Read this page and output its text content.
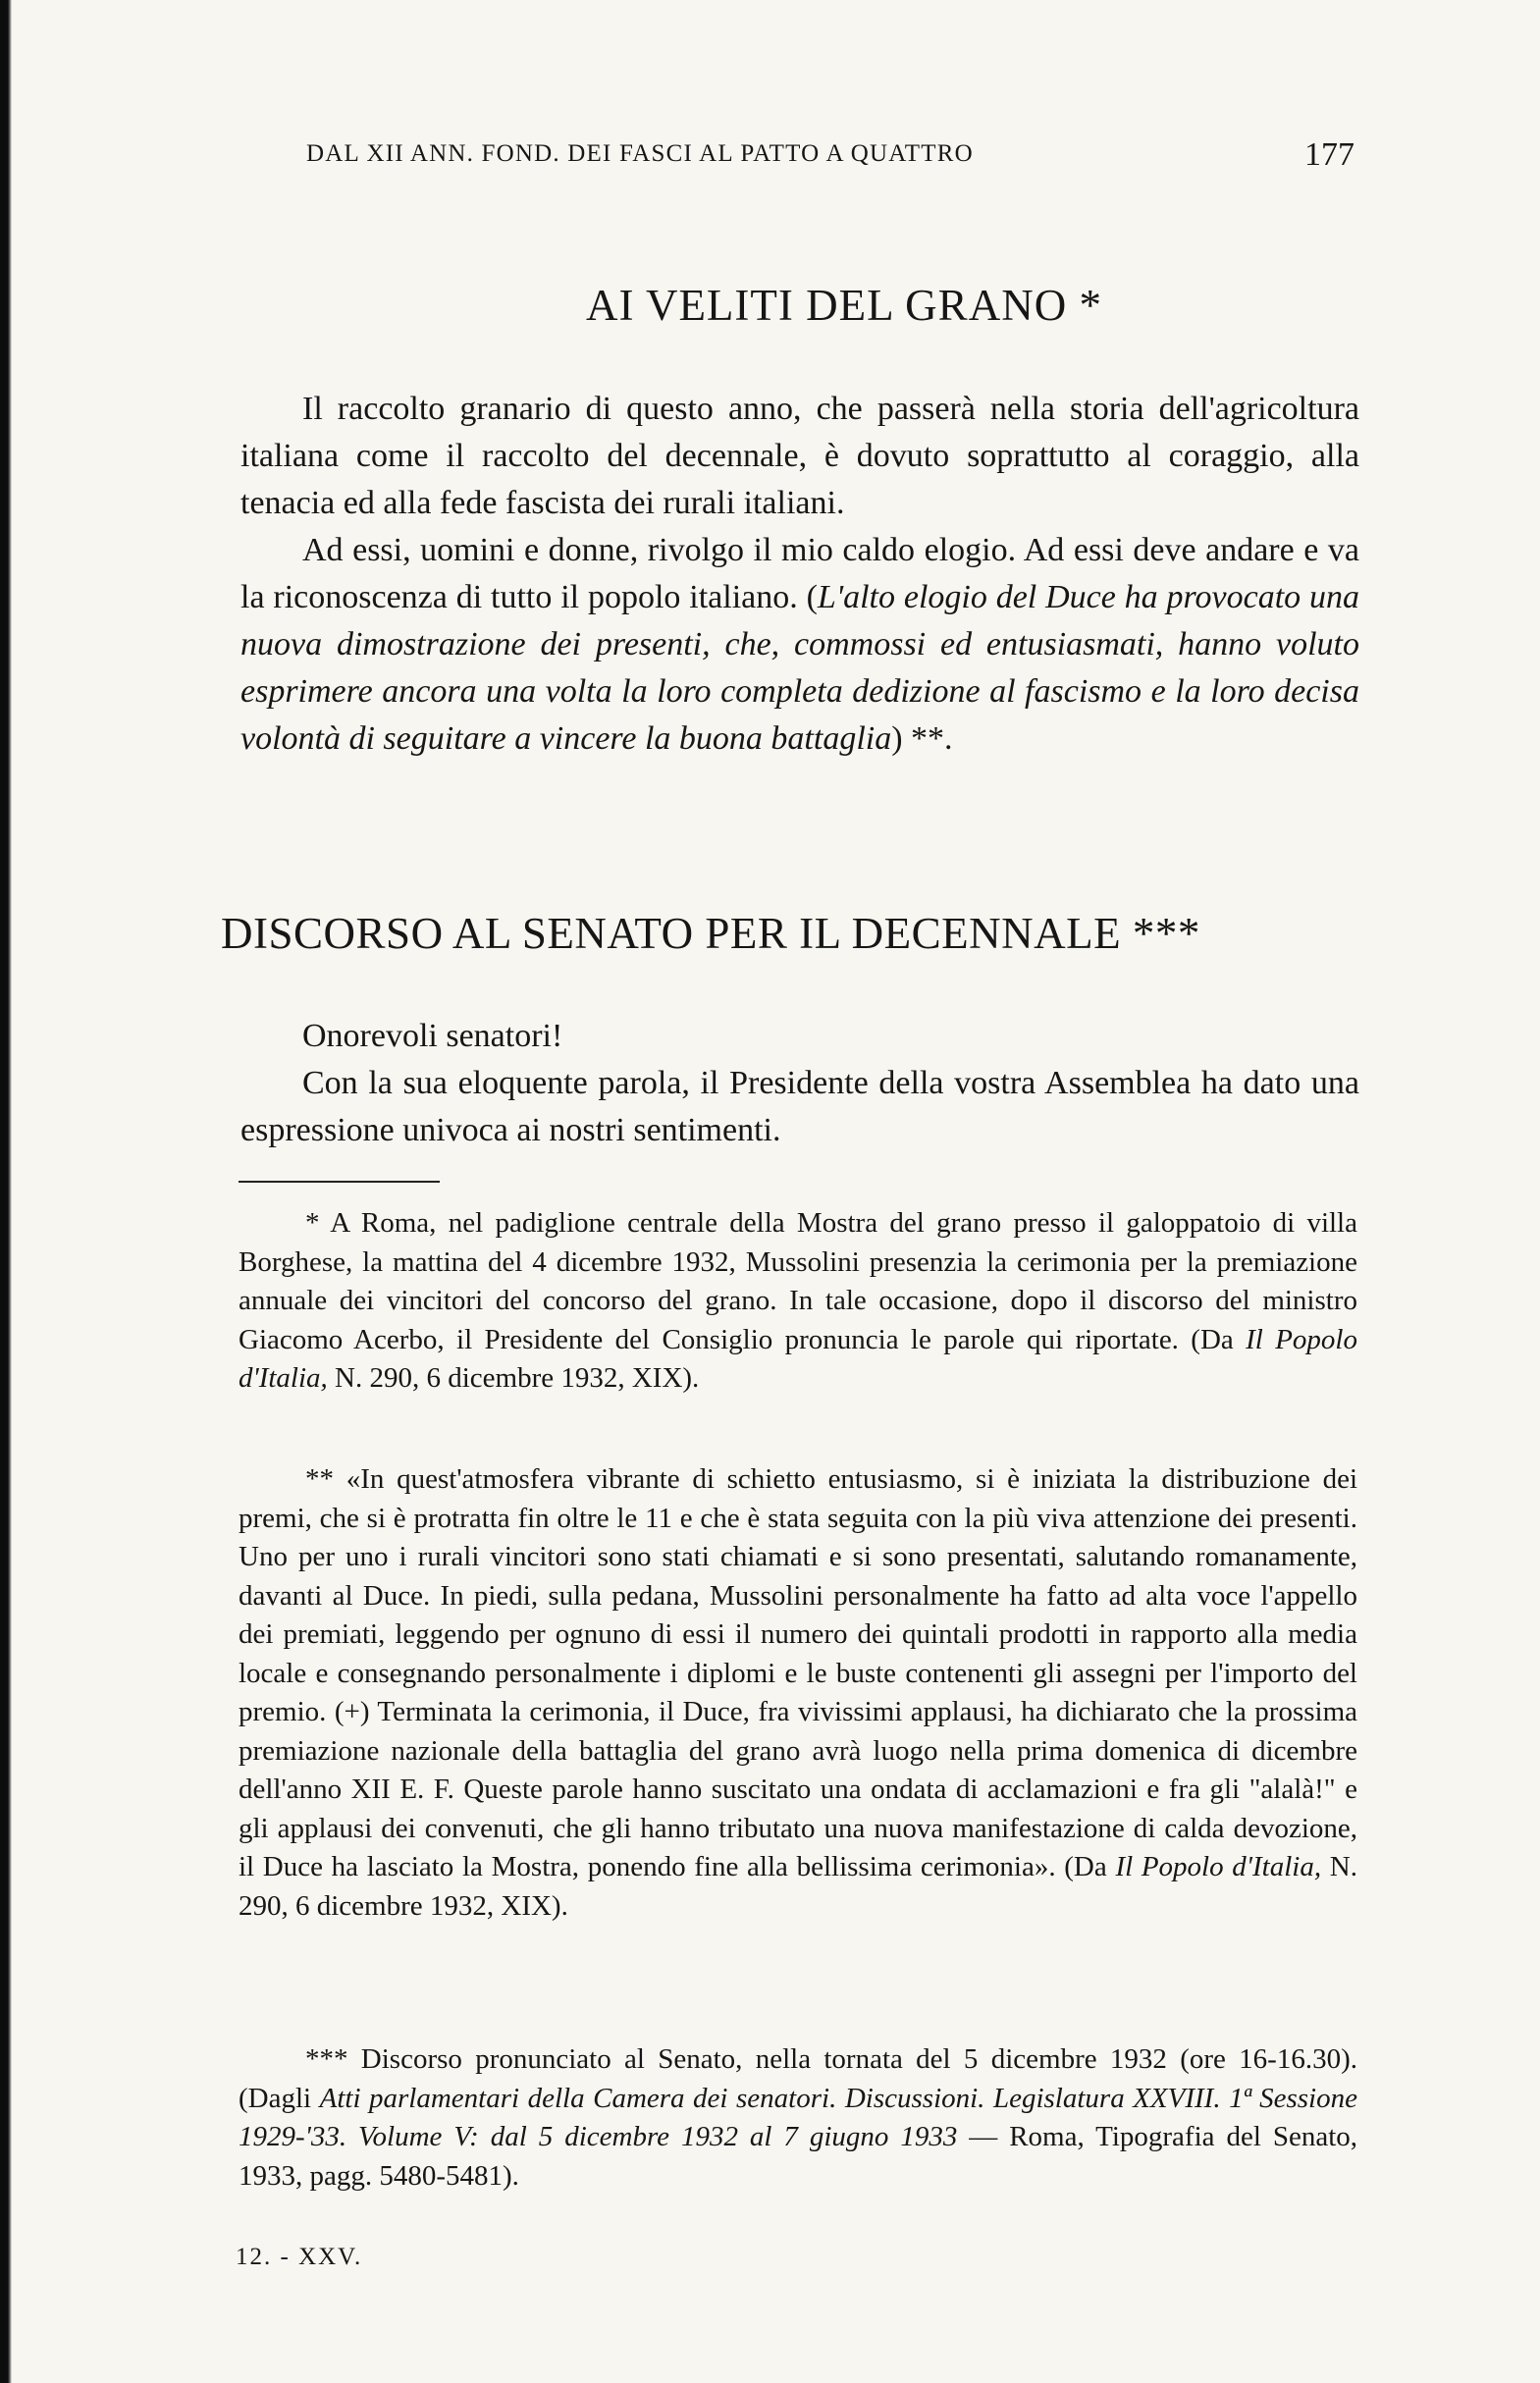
DAL XII ANN. FOND. DEI FASCI AL PATTO A QUATTRO	177
AI VELITI DEL GRANO *

Il raccolto granario di questo anno, che passerà nella storia dell'agricoltura italiana come il raccolto del decennale, è dovuto soprattutto al coraggio, alla tenacia ed alla fede fascista dei rurali italiani.

Ad essi, uomini e donne, rivolgo il mio caldo elogio. Ad essi deve andare e va la riconoscenza di tutto il popolo italiano. (L'alto elogio del Duce ha provocato una nuova dimostrazione dei presenti, che, commossi ed entusiasmati, hanno voluto esprimere ancora una volta la loro completa dedizione al fascismo e la loro decisa volontà di seguitare a vincere la buona battaglia) **.

DISCORSO AL SENATO PER IL DECENNALE ***

Onorevoli senatori!

Con la sua eloquente parola, il Presidente della vostra Assemblea ha dato una espressione univoca ai nostri sentimenti.

* A Roma, nel padiglione centrale della Mostra del grano presso il galoppatoio di villa Borghese, la mattina del 4 dicembre 1932, Mussolini presenzia la cerimonia per la premiazione annuale dei vincitori del concorso del grano. In tale occasione, dopo il discorso del ministro Giacomo Acerbo, il Presidente del Consiglio pronuncia le parole qui riportate. (Da Il Popolo d'Italia, N. 290, 6 dicembre 1932, XIX).

** «In quest'atmosfera vibrante di schietto entusiasmo, si è iniziata la distribuzione dei premi, che si è protratta fin oltre le 11 e che è stata seguita con la più viva attenzione dei presenti. Uno per uno i rurali vincitori sono stati chiamati e si sono presentati, salutando romanamente, davanti al Duce. In piedi, sulla pedana, Mussolini personalmente ha fatto ad alta voce l'appello dei premiati, leggendo per ognuno di essi il numero dei quintali prodotti in rapporto alla media locale e consegnando personalmente i diplomi e le buste contenenti gli assegni per l'importo del premio. (+) Terminata la cerimonia, il Duce, fra vivissimi applausi, ha dichiarato che la prossima premiazione nazionale della battaglia del grano avrà luogo nella prima domenica di dicembre dell'anno XII E. F. Queste parole hanno suscitato una ondata di acclamazioni e fra gli "alalà!" e gli applausi dei convenuti, che gli hanno tributato una nuova manifestazione di calda devozione, il Duce ha lasciato la Mostra, ponendo fine alla bellissima cerimonia». (Da Il Popolo d'Italia, N. 290, 6 dicembre 1932, XIX).

*** Discorso pronunciato al Senato, nella tornata del 5 dicembre 1932 (ore 16-16.30). (Dagli Atti parlamentari della Camera dei senatori. Discussioni. Legislatura XXVIII. 1ª Sessione 1929-'33. Volume V: dal 5 dicembre 1932 al 7 giugno 1933 — Roma, Tipografia del Senato, 1933, pagg. 5480-5481).

12. - XXV.
